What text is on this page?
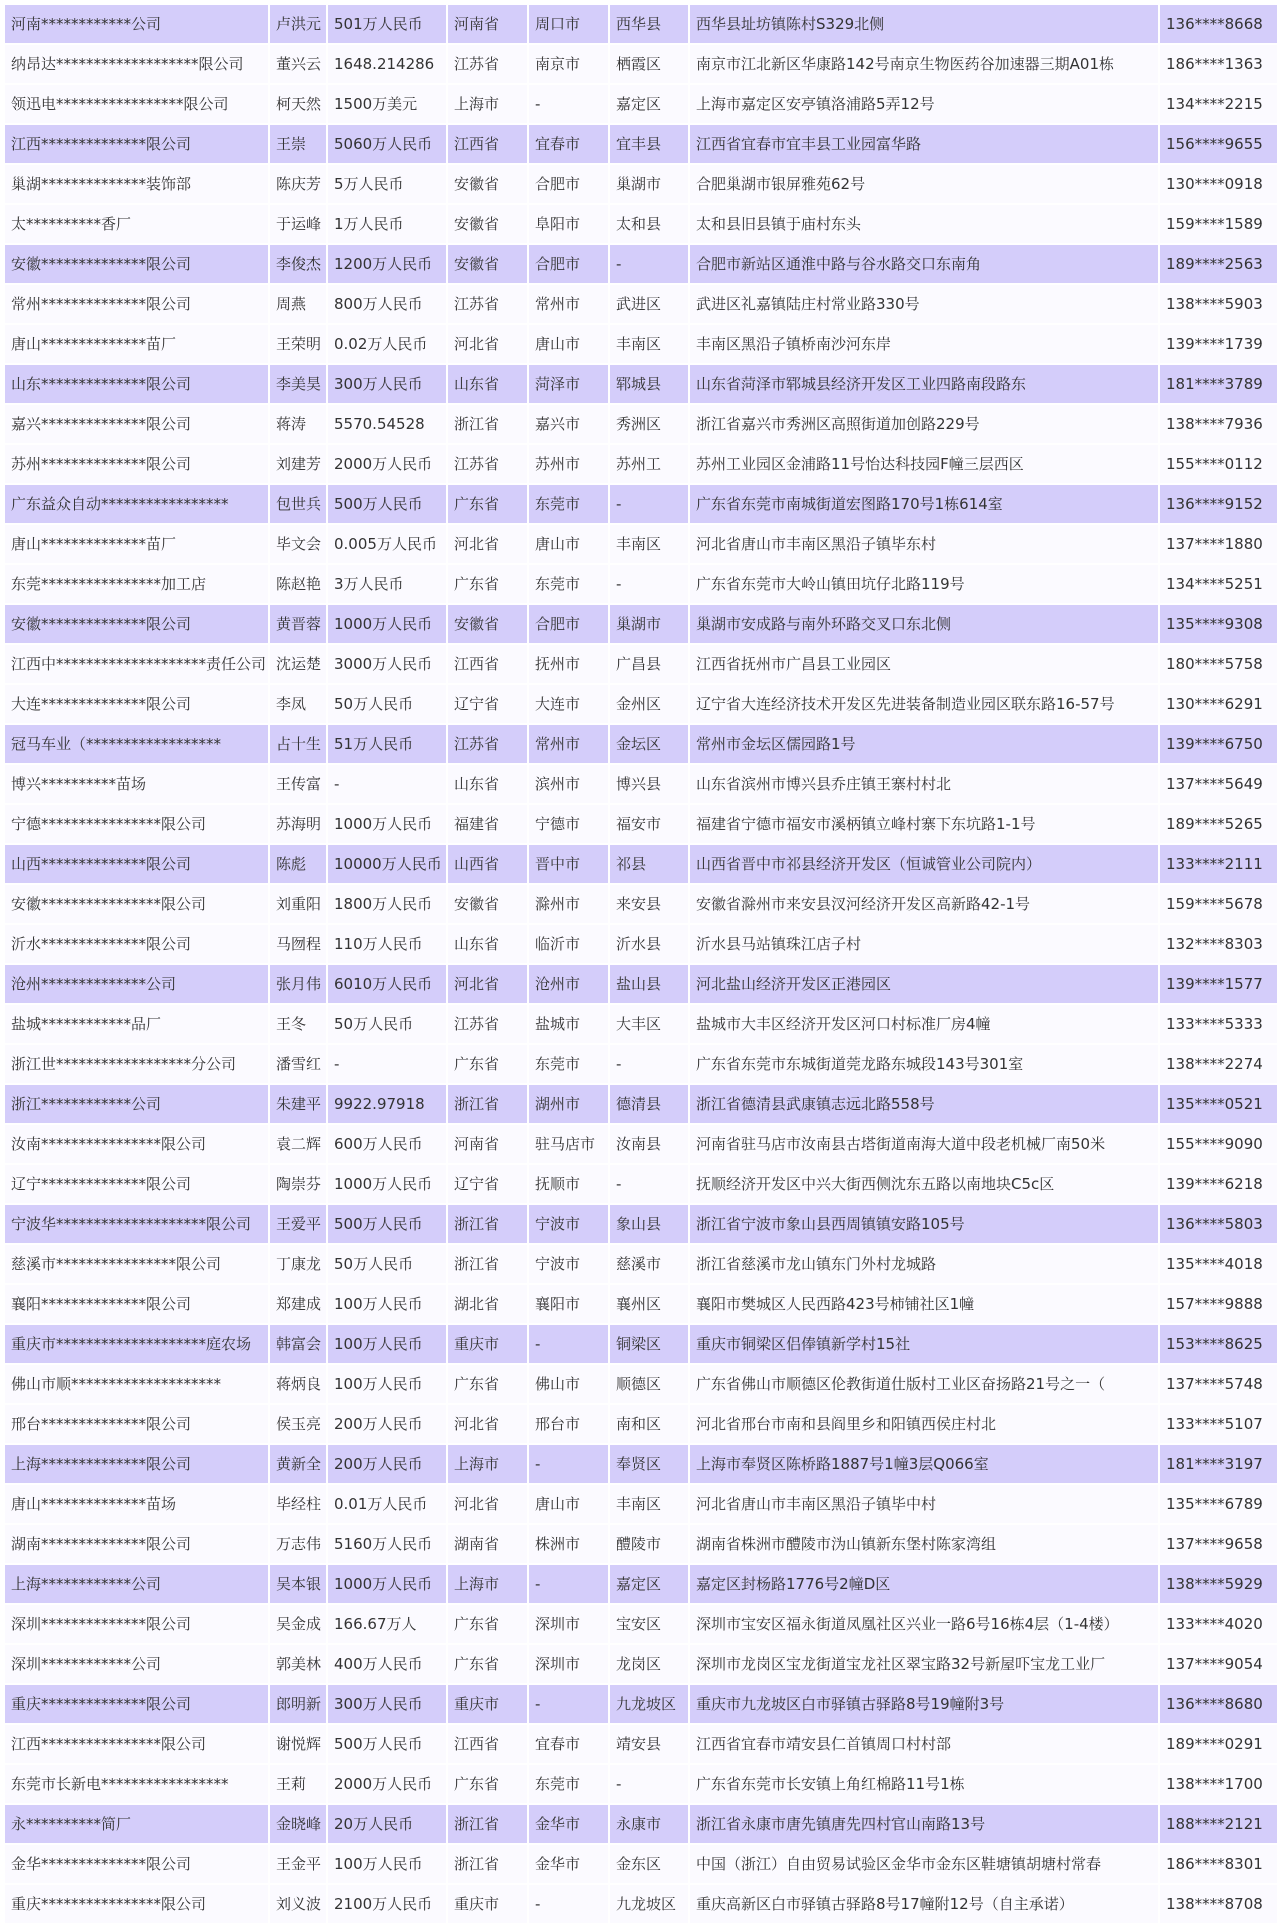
河南************公司	卢洪元	501万人民币	河南省	周口市	西华县	西华县址坊镇陈村S329北侧	136****8668
纳昂达*******************限公司	董兴云	1648.214286	江苏省	南京市	栖霞区	南京市江北新区华康路142号南京生物医药谷加速器三期A01栋	186****1363
领迅电*****************限公司	柯天然	1500万美元	上海市	-	嘉定区	上海市嘉定区安亭镇洛浦路5弄12号	134****2215
江西**************限公司	王崇	5060万人民币	江西省	宜春市	宜丰县	江西省宜春市宜丰县工业园富华路	156****9655
巢湖**************装饰部	陈庆芳	5万人民币	安徽省	合肥市	巢湖市	合肥巢湖市银屏雅苑62号	130****0918
太**********香厂	于运峰	1万人民币	安徽省	阜阳市	太和县	太和县旧县镇于庙村东头	159****1589
安徽**************限公司	李俊杰	1200万人民币	安徽省	合肥市	-	合肥市新站区通淮中路与谷水路交口东南角	189****2563
常州**************限公司	周燕	800万人民币	江苏省	常州市	武进区	武进区礼嘉镇陆庄村常业路330号	138****5903
唐山**************苗厂	王荣明	0.02万人民币	河北省	唐山市	丰南区	丰南区黑沿子镇桥南沙河东岸	139****1739
山东**************限公司	李美昊	300万人民币	山东省	菏泽市	郓城县	山东省菏泽市郓城县经济开发区工业四路南段路东	181****3789
嘉兴**************限公司	蒋涛	5570.54528	浙江省	嘉兴市	秀洲区	浙江省嘉兴市秀洲区高照街道加创路229号	138****7936
苏州**************限公司	刘建芳	2000万人民币	江苏省	苏州市	苏州工	苏州工业园区金浦路11号怡达科技园F幢三层西区	155****0112
广东益众自动*****************	包世兵	500万人民币	广东省	东莞市	-	广东省东莞市南城街道宏图路170号1栋614室	136****9152
唐山**************苗厂	毕文会	0.005万人民币	河北省	唐山市	丰南区	河北省唐山市丰南区黑沿子镇毕东村	137****1880
东莞****************加工店	陈赵艳	3万人民币	广东省	东莞市	-	广东省东莞市大岭山镇田坑仔北路119号	134****5251
安徽**************限公司	黄晋蓉	1000万人民币	安徽省	合肥市	巢湖市	巢湖市安成路与南外环路交叉口东北侧	135****9308
江西中********************责任公司	沈运楚	3000万人民币	江西省	抚州市	广昌县	江西省抚州市广昌县工业园区	180****5758
大连**************限公司	李凤	50万人民币	辽宁省	大连市	金州区	辽宁省大连经济技术开发区先进装备制造业园区联东路16-57号	130****6291
冠马车业（******************	占十生	51万人民币	江苏省	常州市	金坛区	常州市金坛区儒园路1号	139****6750
博兴**********苗场	王传富	-	山东省	滨州市	博兴县	山东省滨州市博兴县乔庄镇王寨村村北	137****5649
宁德****************限公司	苏海明	1000万人民币	福建省	宁德市	福安市	福建省宁德市福安市溪柄镇立峰村寨下东坑路1-1号	189****5265
山西**************限公司	陈彪	10000万人民币	山西省	晋中市	祁县	山西省晋中市祁县经济开发区（恒诚管业公司院内）	133****2111
安徽****************限公司	刘重阳	1800万人民币	安徽省	滁州市	来安县	安徽省滁州市来安县汊河经济开发区高新路42-1号	159****5678
沂水**************限公司	马囫程	110万人民币	山东省	临沂市	沂水县	沂水县马站镇珠江店子村	132****8303
沧州**************公司	张月伟	6010万人民币	河北省	沧州市	盐山县	河北盐山经济开发区正港园区	139****1577
盐城************品厂	王冬	50万人民币	江苏省	盐城市	大丰区	盐城市大丰区经济开发区河口村标准厂房4幢	133****5333
浙江世******************分公司	潘雪红	-	广东省	东莞市	-	广东省东莞市东城街道莞龙路东城段143号301室	138****2274
浙江************公司	朱建平	9922.97918	浙江省	湖州市	德清县	浙江省德清县武康镇志远北路558号	135****0521
汝南****************限公司	袁二辉	600万人民币	河南省	驻马店市	汝南县	河南省驻马店市汝南县古塔街道南海大道中段老机械厂南50米	155****9090
辽宁**************限公司	陶崇芬	1000万人民币	辽宁省	抚顺市	-	抚顺经济开发区中兴大街西侧沈东五路以南地块C5c区	139****6218
宁波华********************限公司	王爱平	500万人民币	浙江省	宁波市	象山县	浙江省宁波市象山县西周镇镇安路105号	136****5803
慈溪市****************限公司	丁康龙	50万人民币	浙江省	宁波市	慈溪市	浙江省慈溪市龙山镇东门外村龙城路	135****4018
襄阳**************限公司	郑建成	100万人民币	湖北省	襄阳市	襄州区	襄阳市樊城区人民西路423号柿铺社区1幢	157****9888
重庆市********************庭农场	韩富会	100万人民币	重庆市	-	铜梁区	重庆市铜梁区侣俸镇新学村15社	153****8625
佛山市顺********************	蒋炳良	100万人民币	广东省	佛山市	顺德区	广东省佛山市顺德区伦教街道仕版村工业区奋扬路21号之一（	137****5748
邢台**************限公司	侯玉亮	200万人民币	河北省	邢台市	南和区	河北省邢台市南和县阎里乡和阳镇西侯庄村北	133****5107
上海**************限公司	黄新全	200万人民币	上海市	-	奉贤区	上海市奉贤区陈桥路1887号1幢3层Q066室	181****3197
唐山**************苗场	毕经柱	0.01万人民币	河北省	唐山市	丰南区	河北省唐山市丰南区黑沿子镇毕中村	135****6789
湖南**************限公司	万志伟	5160万人民币	湖南省	株洲市	醴陵市	湖南省株洲市醴陵市沩山镇新东堡村陈家湾组	137****9658
上海************公司	吴本银	1000万人民币	上海市	-	嘉定区	嘉定区封杨路1776号2幢D区	138****5929
深圳**************限公司	吴金成	166.67万人	广东省	深圳市	宝安区	深圳市宝安区福永街道凤凰社区兴业一路6号16栋4层（1-4楼）	133****4020
深圳************公司	郭美林	400万人民币	广东省	深圳市	龙岗区	深圳市龙岗区宝龙街道宝龙社区翠宝路32号新屋吓宝龙工业厂	137****9054
重庆**************限公司	郎明新	300万人民币	重庆市	-	九龙坡区	重庆市九龙坡区白市驿镇古驿路8号19幢附3号	136****8680
江西****************限公司	谢悦辉	500万人民币	江西省	宜春市	靖安县	江西省宜春市靖安县仁首镇周口村村部	189****0291
东莞市长新电*****************	王莉	2000万人民币	广东省	东莞市	-	广东省东莞市长安镇上角红棉路11号1栋	138****1700
永**********简厂	金晓峰	20万人民币	浙江省	金华市	永康市	浙江省永康市唐先镇唐先四村官山南路13号	188****2121
金华**************限公司	王金平	100万人民币	浙江省	金华市	金东区	中国（浙江）自由贸易试验区金华市金东区鞋塘镇胡塘村常春	186****8301
重庆****************限公司	刘义波	2100万人民币	重庆市	-	九龙坡区	重庆高新区白市驿镇古驿路8号17幢附12号（自主承诺）	138****8708
